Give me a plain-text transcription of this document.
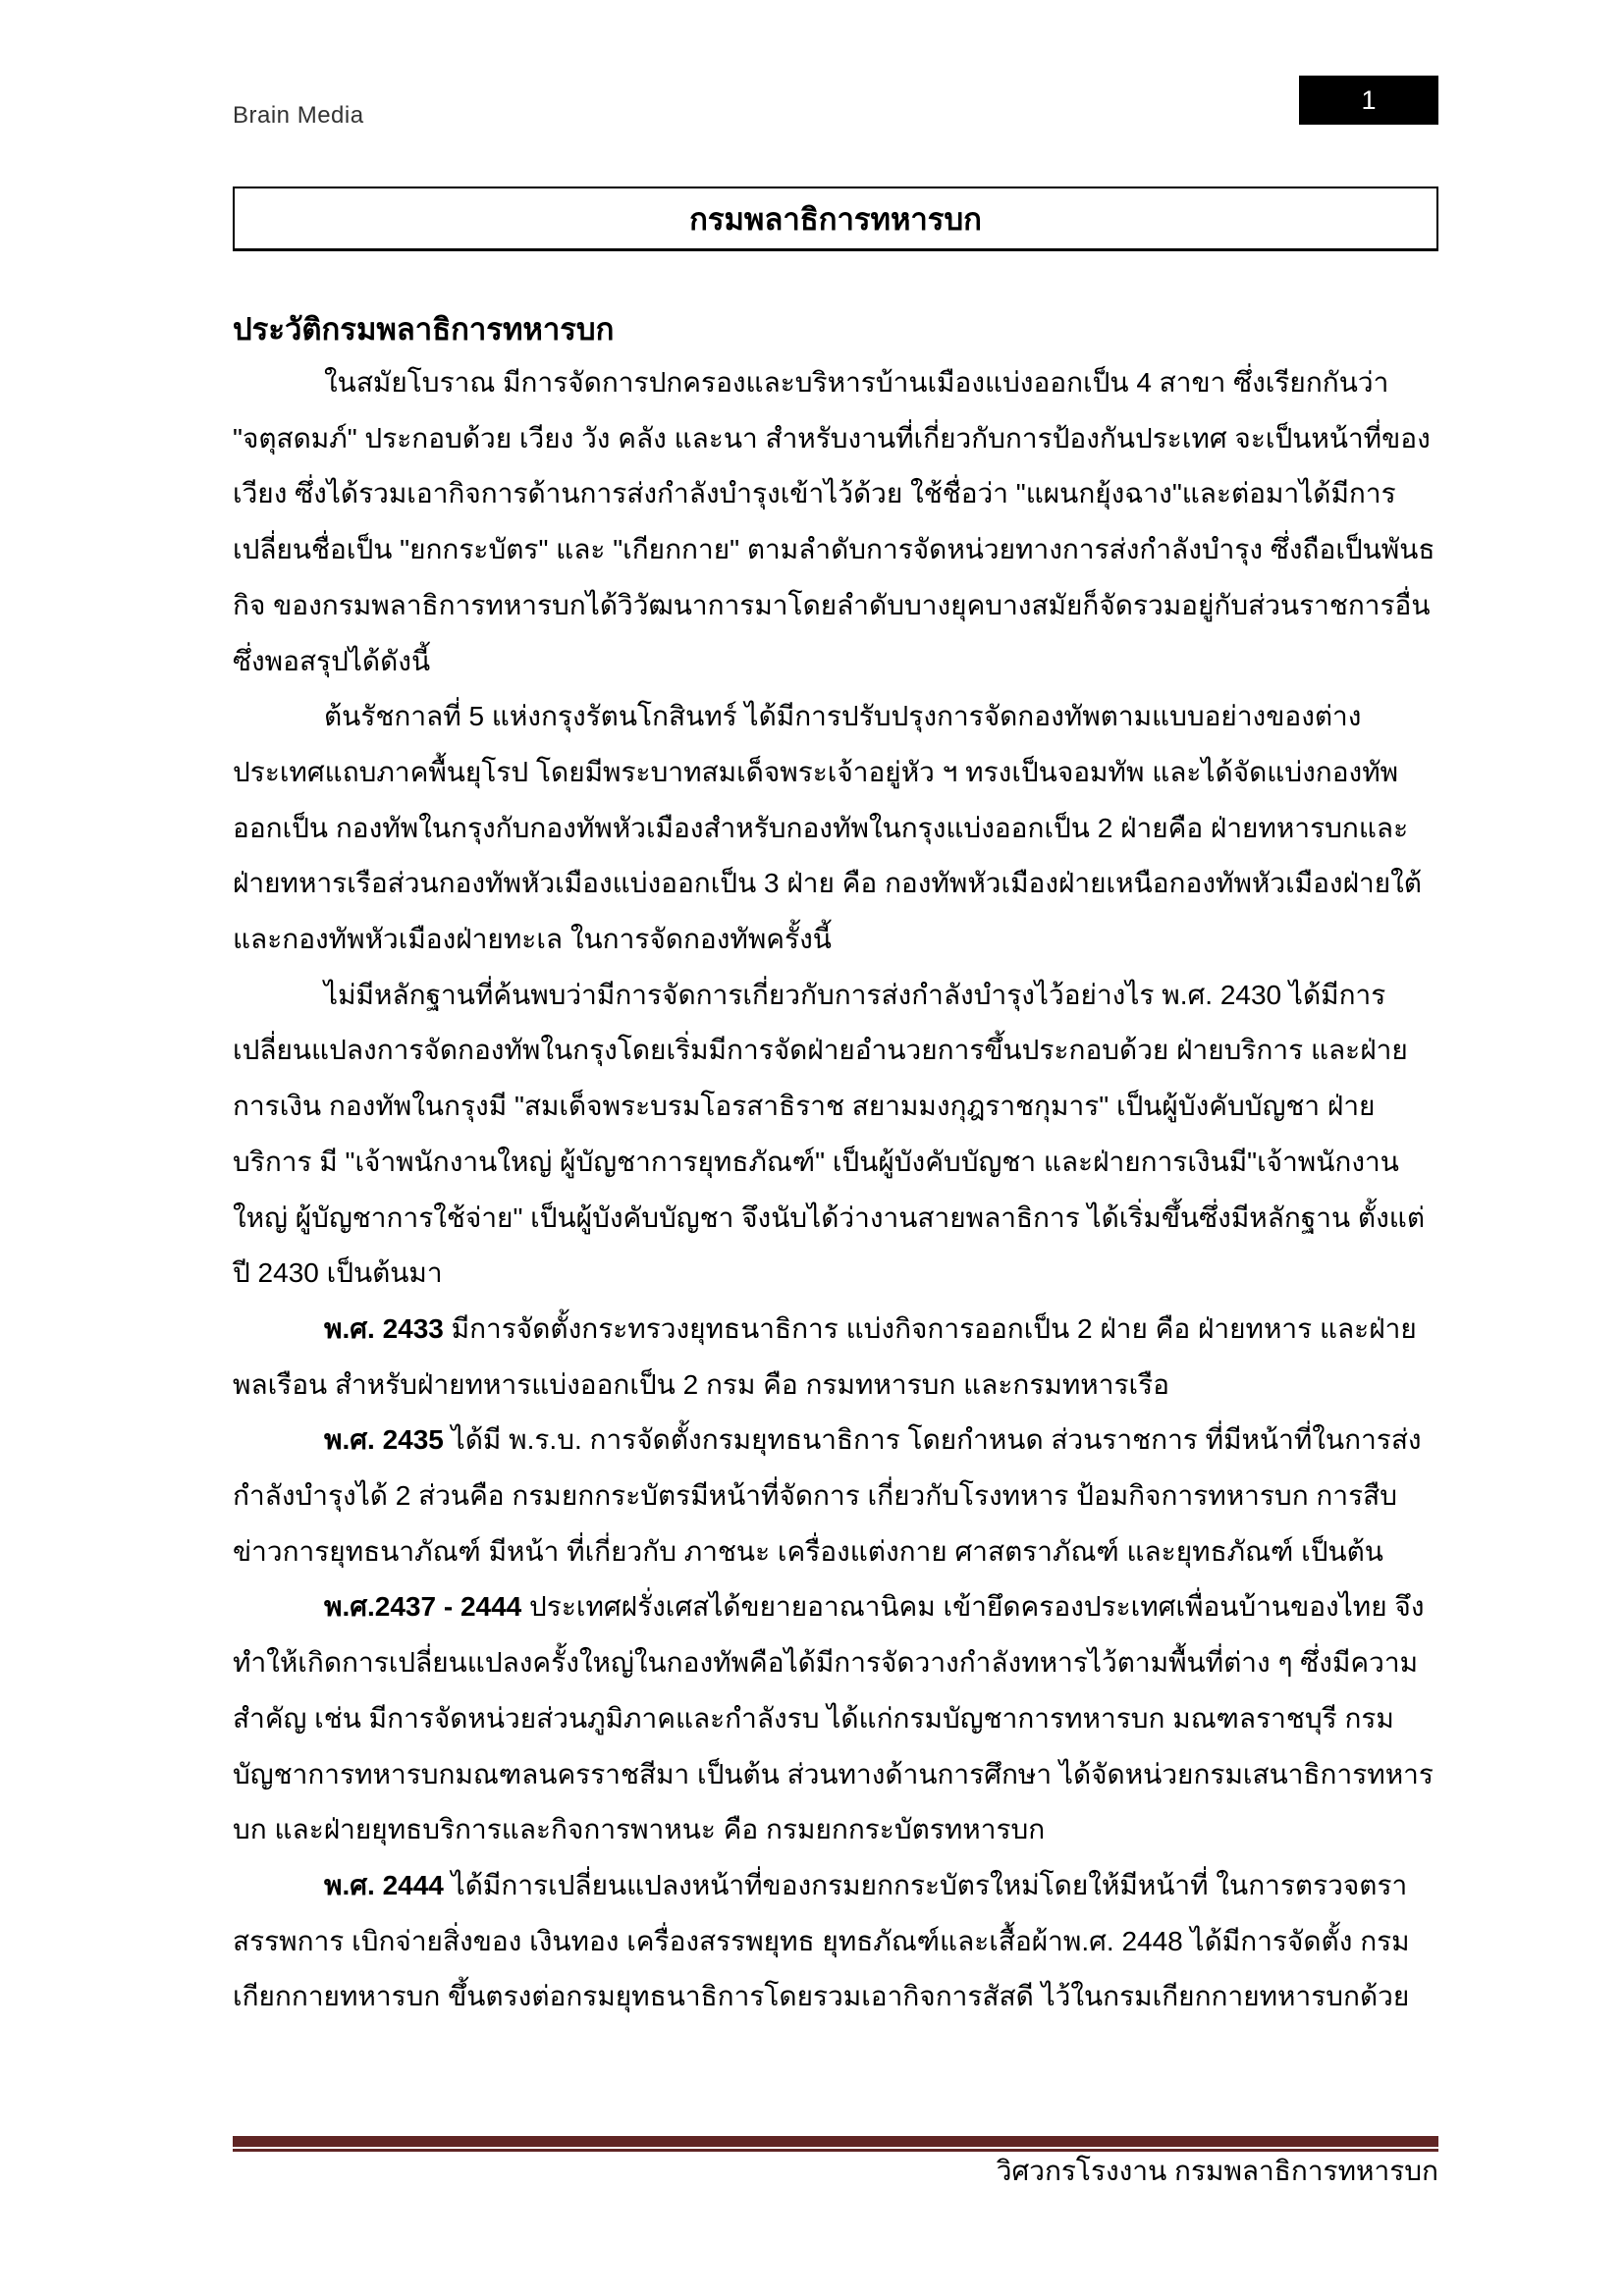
Brain Media
1
กรมพลาธิการทหารบก
ประวัติกรมพลาธิการทหารบก

ในสมัยโบราณ มีการจัดการปกครองและบริหารบ้านเมืองแบ่งออกเป็น 4 สาขา ซึ่งเรียกกันว่า "จตุสดมภ์" ประกอบด้วย เวียง วัง คลัง และนา สำหรับงานที่เกี่ยวกับการป้องกันประเทศ จะเป็นหน้าที่ของ เวียง ซึ่งได้รวมเอากิจการด้านการส่งกำลังบำรุงเข้าไว้ด้วย ใช้ชื่อว่า "แผนกยุ้งฉาง"และต่อมาได้มีการเปลี่ยนชื่อเป็น "ยกกระบัตร" และ "เกียกกาย" ตามลำดับการจัดหน่วยทางการส่งกำลังบำรุง ซึ่งถือเป็นพันธกิจ ของกรมพลาธิการทหารบกได้วิวัฒนาการมาโดยลำดับบางยุคบางสมัยก็จัดรวมอยู่กับส่วนราชการอื่น ซึ่งพอสรุปได้ดังนี้

ต้นรัชกาลที่ 5 แห่งกรุงรัตนโกสินทร์ ได้มีการปรับปรุงการจัดกองทัพตามแบบอย่างของต่างประเทศแถบภาคพื้นยุโรป โดยมีพระบาทสมเด็จพระเจ้าอยู่หัว ฯ ทรงเป็นจอมทัพ และได้จัดแบ่งกองทัพออกเป็น กองทัพในกรุงกับกองทัพหัวเมืองสำหรับกองทัพในกรุงแบ่งออกเป็น 2 ฝ่ายคือ ฝ่ายทหารบกและฝ่ายทหารเรือส่วนกองทัพหัวเมืองแบ่งออกเป็น 3 ฝ่าย คือ กองทัพหัวเมืองฝ่ายเหนือกองทัพหัวเมืองฝ่ายใต้ และกองทัพหัวเมืองฝ่ายทะเล ในการจัดกองทัพครั้งนี้

ไม่มีหลักฐานที่ค้นพบว่ามีการจัดการเกี่ยวกับการส่งกำลังบำรุงไว้อย่างไร พ.ศ. 2430 ได้มีการเปลี่ยนแปลงการจัดกองทัพในกรุงโดยเริ่มมีการจัดฝ่ายอำนวยการขึ้นประกอบด้วย ฝ่ายบริการ และฝ่ายการเงิน กองทัพในกรุงมี "สมเด็จพระบรมโอรสาธิราช สยามมงกุฎราชกุมาร" เป็นผู้บังคับบัญชา ฝ่ายบริการ มี "เจ้าพนักงานใหญ่ ผู้บัญชาการยุทธภัณฑ์" เป็นผู้บังคับบัญชา และฝ่ายการเงินมี"เจ้าพนักงานใหญ่ ผู้บัญชาการใช้จ่าย" เป็นผู้บังคับบัญชา จึงนับได้ว่างานสายพลาธิการ ได้เริ่มขึ้นซึ่งมีหลักฐาน ตั้งแต่ปี 2430 เป็นต้นมา

พ.ศ. 2433 มีการจัดตั้งกระทรวงยุทธนาธิการ แบ่งกิจการออกเป็น 2 ฝ่าย คือ ฝ่ายทหาร และฝ่ายพลเรือน สำหรับฝ่ายทหารแบ่งออกเป็น 2 กรม คือ กรมทหารบก และกรมทหารเรือ

พ.ศ. 2435 ได้มี พ.ร.บ. การจัดตั้งกรมยุทธนาธิการ โดยกำหนด ส่วนราชการ ที่มีหน้าที่ในการส่งกำลังบำรุงได้ 2 ส่วนคือ กรมยกกระบัตรมีหน้าที่จัดการ เกี่ยวกับโรงทหาร ป้อมกิจการทหารบก การสืบข่าวการยุทธนาภัณฑ์ มีหน้า ที่เกี่ยวกับ ภาชนะ เครื่องแต่งกาย ศาสตราภัณฑ์ และยุทธภัณฑ์ เป็นต้น

พ.ศ.2437 - 2444 ประเทศฝรั่งเศสได้ขยายอาณานิคม เข้ายึดครองประเทศเพื่อนบ้านของไทย จึงทำให้เกิดการเปลี่ยนแปลงครั้งใหญ่ในกองทัพคือได้มีการจัดวางกำลังทหารไว้ตามพื้นที่ต่าง ๆ ซึ่งมีความสำคัญ เช่น มีการจัดหน่วยส่วนภูมิภาคและกำลังรบ ได้แก่กรมบัญชาการทหารบก มณฑลราชบุรี กรมบัญชาการทหารบกมณฑลนครราชสีมา เป็นต้น ส่วนทางด้านการศึกษา ได้จัดหน่วยกรมเสนาธิการทหารบก และฝ่ายยุทธบริการและกิจการพาหนะ คือ กรมยกกระบัตรทหารบก

พ.ศ. 2444 ได้มีการเปลี่ยนแปลงหน้าที่ของกรมยกกระบัตรใหม่โดยให้มีหน้าที่ ในการตรวจตรา สรรพการ เบิกจ่ายสิ่งของ เงินทอง เครื่องสรรพยุทธ ยุทธภัณฑ์และเสื้อผ้าพ.ศ. 2448 ได้มีการจัดตั้ง กรมเกียกกายทหารบก ขึ้นตรงต่อกรมยุทธนาธิการโดยรวมเอากิจการสัสดี ไว้ในกรมเกียกกายทหารบกด้วย

วิศวกรโรงงาน กรมพลาธิการทหารบก
